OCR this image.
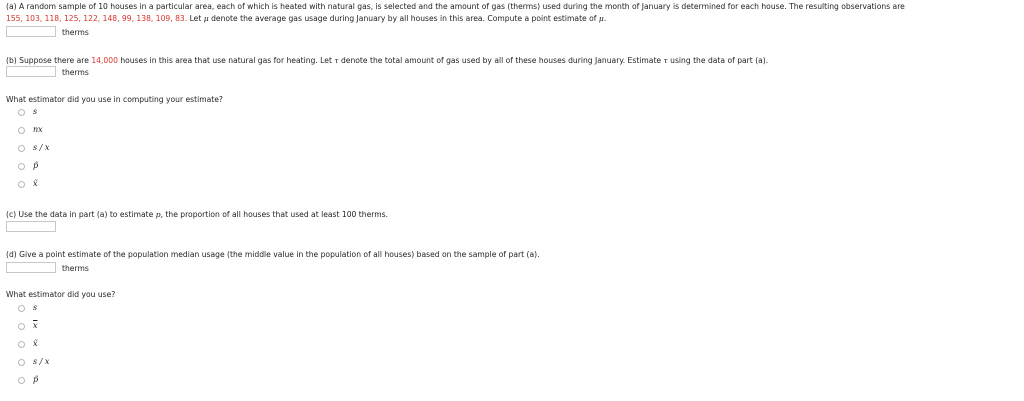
(a) A random sample of 10 houses in a particular area, each of which is heated with natural gas, is selected and the amount of gas (therms) used during the month of January is determined for each house. The resulting observations are
155, 103, 118, 125, 122, 148, 99, 138, 109, 83. Let μ denote the average gas usage during January by all houses in this area. Compute a point estimate of μ.
therms
(b) Suppose there are 14,000 houses in this area that use natural gas for heating. Let τ denote the total amount of gas used by all of these houses during January. Estimate τ using the data of part (a).
therms
What estimator did you use in computing your estimate?
s
nx
s / x
p̂
x̃
(c) Use the data in part (a) to estimate p, the proportion of all houses that used at least 100 therms.
(d) Give a point estimate of the population median usage (the middle value in the population of all houses) based on the sample of part (a).
therms
What estimator did you use?
s
$\overline{x}$
x̃
s / x
p̂
